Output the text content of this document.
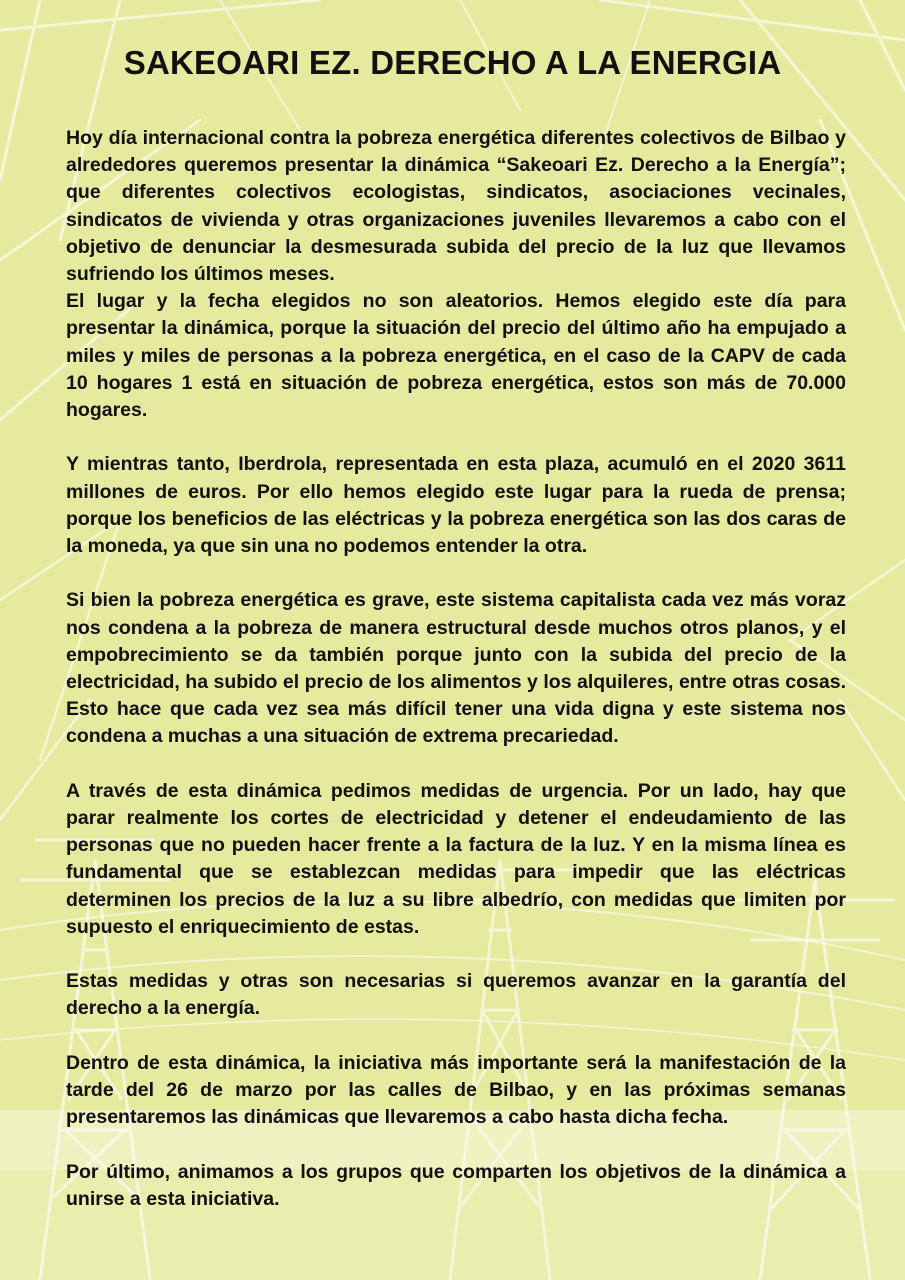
SAKEOARI EZ. DERECHO A LA ENERGIA

Hoy día internacional contra la pobreza energética diferentes colectivos de Bilbao y alrededores queremos presentar la dinámica “Sakeoari Ez. Derecho a la Energía”; que diferentes colectivos ecologistas, sindicatos, asociaciones vecinales, sindicatos de vivienda y otras organizaciones juveniles llevaremos a cabo con el objetivo de denunciar la desmesurada subida del precio de la luz que llevamos sufriendo los últimos meses.

El lugar y la fecha elegidos no son aleatorios. Hemos elegido este día para presentar la dinámica, porque la situación del precio del último año ha empujado a miles y miles de personas a la pobreza energética, en el caso de la CAPV de cada 10 hogares 1 está en situación de pobreza energética, estos son más de 70.000 hogares.

Y mientras tanto, Iberdrola, representada en esta plaza, acumuló en el 2020 3611 millones de euros. Por ello hemos elegido este lugar para la rueda de prensa; porque los beneficios de las eléctricas y la pobreza energética son las dos caras de la moneda, ya que sin una no podemos entender la otra.

Si bien la pobreza energética es grave, este sistema capitalista cada vez más voraz nos condena a la pobreza de manera estructural desde muchos otros planos, y el empobrecimiento se da también porque junto con la subida del precio de la electricidad, ha subido el precio de los alimentos y los alquileres, entre otras cosas. Esto hace que cada vez sea más difícil tener una vida digna y este sistema nos condena a muchas a una situación de extrema precariedad.

A través de esta dinámica pedimos medidas de urgencia. Por un lado, hay que parar realmente los cortes de electricidad y detener el endeudamiento de las personas que no pueden hacer frente a la factura de la luz. Y en la misma línea es fundamental que se establezcan medidas para impedir que las eléctricas determinen los precios de la luz a su libre albedrío, con medidas que limiten por supuesto el enriquecimiento de estas.

Estas medidas y otras son necesarias si queremos avanzar en la garantía del derecho a la energía.

Dentro de esta dinámica, la iniciativa más importante será la manifestación de la tarde del 26 de marzo por las calles de Bilbao, y en las próximas semanas presentaremos las dinámicas que llevaremos a cabo hasta dicha fecha.

Por último, animamos a los grupos que comparten los objetivos de la dinámica a unirse a esta iniciativa.
